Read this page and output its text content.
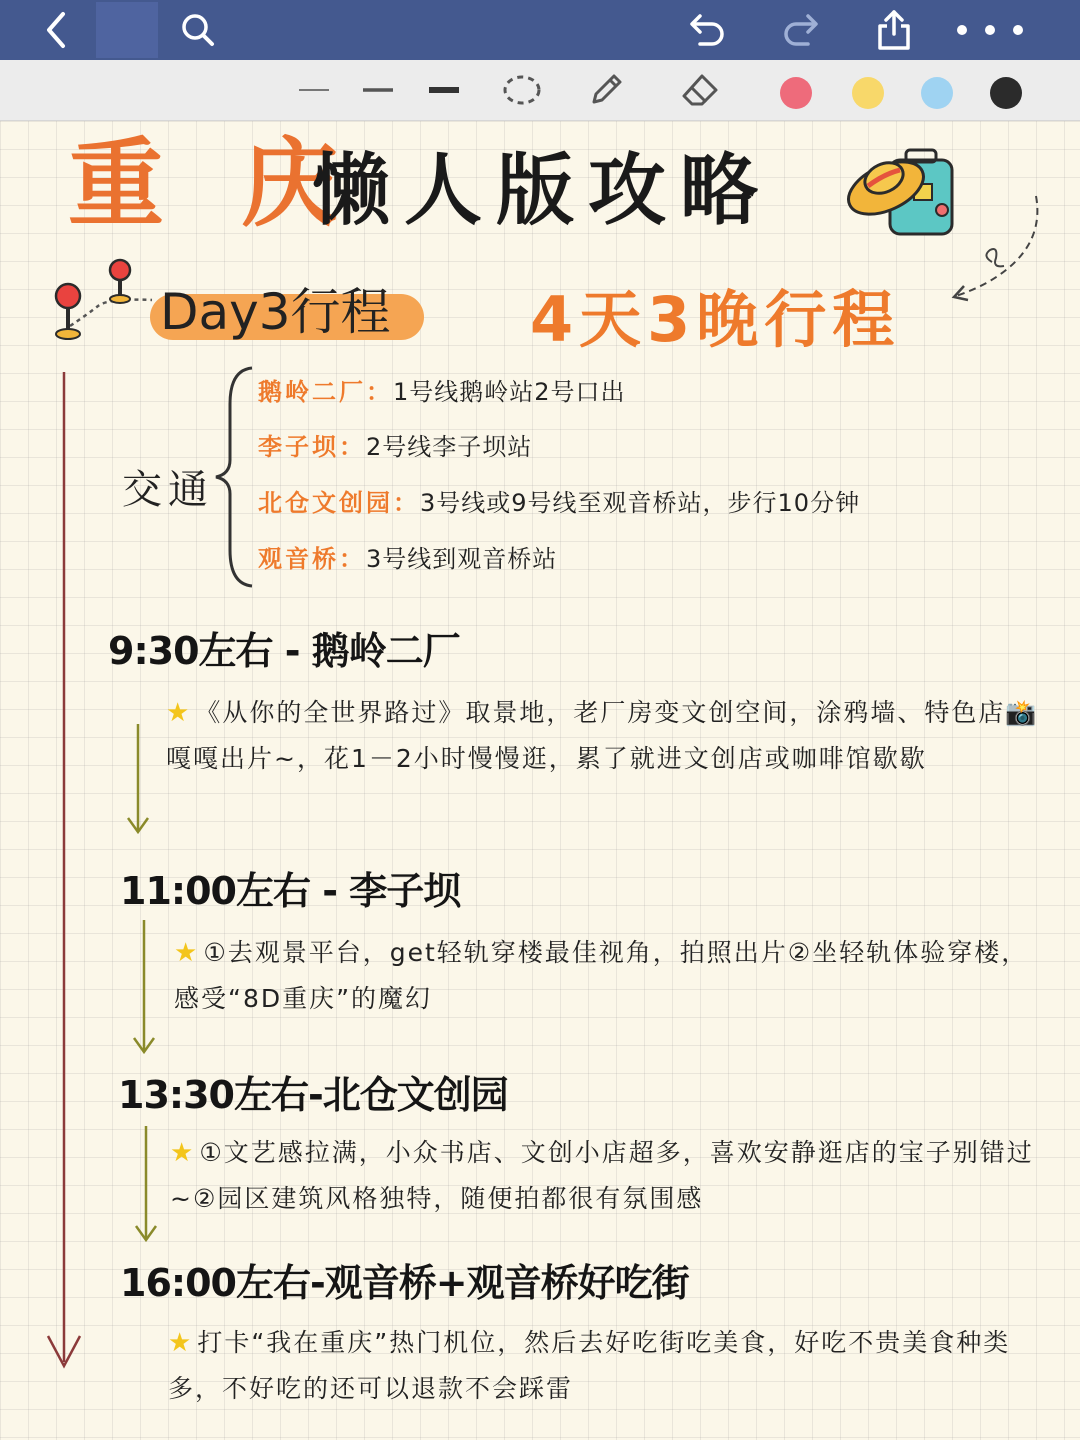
重 庆
懒人版攻略
Day3行程 4天3晚行程
交通
鹅岭二厂：1号线鹅岭站2号口出
李子坝：2号线李子坝站
北仓文创园：3号线或9号线至观音桥站，步行10分钟
观音桥：3号线到观音桥站
9:30左右 - 鹅岭二厂
★ 《从你的全世界路过》取景地，老厂房变文创空间，涂鸦墙、特色店📸嘎嘎出片~，花1－2小时慢慢逛，累了就进文创店或咖啡馆歇歇
11:00左右 - 李子坝
★ ①去观景平台，get轻轨穿楼最佳视角，拍照出片②坐轻轨体验穿楼，感受“8D重庆”的魔幻
13:30左右-北仓文创园
★ ①文艺感拉满，小众书店、文创小店超多，喜欢安静逛店的宝子别错过~②园区建筑风格独特，随便拍都很有氛围感
16:00左右-观音桥+观音桥好吃街
★ 打卡“我在重庆”热门机位，然后去好吃街吃美食，好吃不贵美食种类多，不好吃的还可以退款不会踩雷
